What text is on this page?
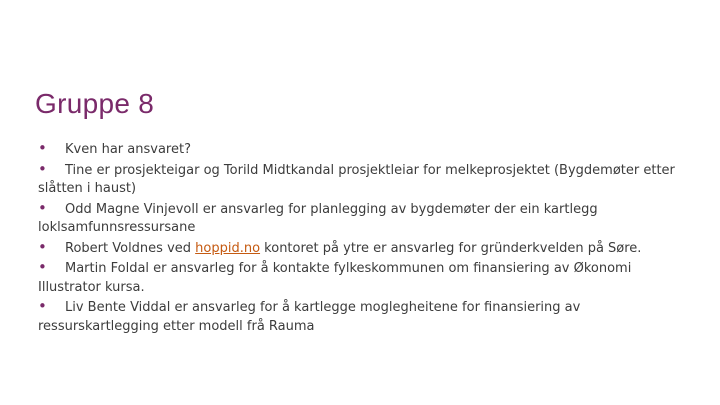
Gruppe 8
• Kven har ansvaret?
• Tine er prosjekteigar og Torild Midtkandal prosjektleiar for melkeprosjektet (Bygdemøter etter slåtten i haust)
• Odd Magne Vinjevoll er ansvarleg for planlegging av bygdemøter der ein kartlegg loklsamfunnsressursane
• Robert Voldnes ved hoppid.no kontoret på ytre er ansvarleg for gründerkvelden på Søre.
• Martin Foldal er ansvarleg for å kontakte fylkeskommunen om finansiering av Økonomi Illustrator kursa.
• Liv Bente Viddal er ansvarleg for å kartlegge moglegheitene for finansiering av ressurskartlegging etter modell frå Rauma
